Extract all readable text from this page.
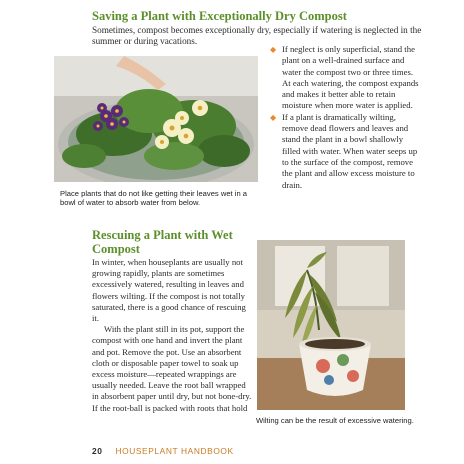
Saving a Plant with Exceptionally Dry Compost
Sometimes, compost becomes exceptionally dry, especially if watering is neglected in the summer or during vacations.
Place plants that do not like getting their leaves wet in a bowl of water to absorb water from below.
◆ If neglect is only superficial, stand the plant on a well-drained surface and water the compost two or three times. At each watering, the compost expands and makes it better able to retain moisture when more water is applied.
◆ If a plant is dramatically wilting, remove dead flowers and leaves and stand the plant in a bowl shallowly filled with water. When water seeps up to the surface of the compost, remove the plant and allow excess moisture to drain.
Rescuing a Plant with Wet Compost

In winter, when houseplants are usually not growing rapidly, plants are sometimes excessively watered, resulting in leaves and flowers wilting. If the compost is not totally saturated, there is a good chance of rescuing it.

With the plant still in its pot, support the compost with one hand and invert the plant and pot. Remove the pot. Use an absorbent cloth or disposable paper towel to soak up excess moisture—repeated wrappings are usually needed. Leave the root ball wrapped in absorbent paper until dry, but not bone-dry. If the root-ball is packed with roots that hold

Wilting can be the result of excessive watering.
20 HOUSEPLANT HANDBOOK
